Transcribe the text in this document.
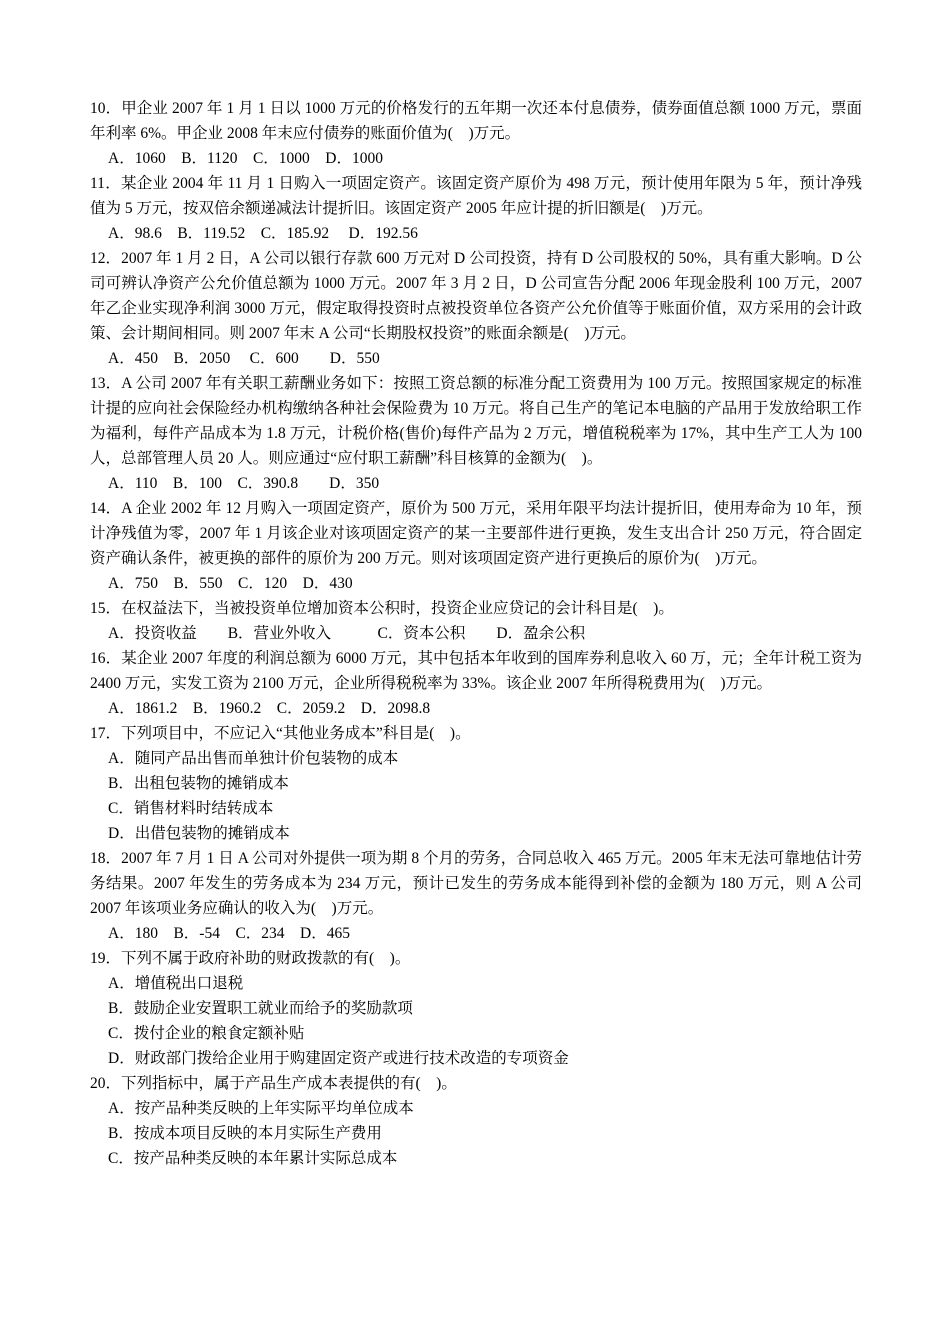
10．甲企业 2007 年 1 月 1 日以 1000 万元的价格发行的五年期一次还本付息债券，债券面值总额 1000 万元，票面年利率 6%。甲企业 2008 年末应付债券的账面价值为(　)万元。

A．1060　B．1120　C．1000　D．1000

11．某企业 2004 年 11 月 1 日购入一项固定资产。该固定资产原价为 498 万元，预计使用年限为 5 年，预计净残值为 5 万元，按双倍余额递减法计提折旧。该固定资产 2005 年应计提的折旧额是(　)万元。

A．98.6　B．119.52　C．185.92　 D．192.56

12．2007 年 1 月 2 日，A 公司以银行存款 600 万元对 D 公司投资，持有 D 公司股权的 50%，具有重大影响。D 公司可辨认净资产公允价值总额为 1000 万元。2007 年 3 月 2 日，D 公司宣告分配 2006 年现金股利 100 万元，2007 年乙企业实现净利润 3000 万元，假定取得投资时点被投资单位各资产公允价值等于账面价值，双方采用的会计政策、会计期间相同。则 2007 年末 A 公司“长期股权投资”的账面余额是(　)万元。

A．450　B．2050　 C．600　　D．550

13．A 公司 2007 年有关职工薪酬业务如下：按照工资总额的标准分配工资费用为 100 万元。按照国家规定的标准计提的应向社会保险经办机构缴纳各种社会保险费为 10 万元。将自己生产的笔记本电脑的产品用于发放给职工作为福利，每件产品成本为 1.8 万元，计税价格(售价)每件产品为 2 万元，增值税税率为 17%，其中生产工人为 100 人，总部管理人员 20 人。则应通过“应付职工薪酬”科目核算的金额为(　)。

A．110　B．100　C．390.8　　D．350

14．A 企业 2002 年 12 月购入一项固定资产，原价为 500 万元，采用年限平均法计提折旧，使用寿命为 10 年，预计净残值为零，2007 年 1 月该企业对该项固定资产的某一主要部件进行更换，发生支出合计 250 万元，符合固定资产确认条件，被更换的部件的原价为 200 万元。则对该项固定资产进行更换后的原价为(　)万元。

A．750　B．550　C．120　D．430

15．在权益法下，当被投资单位增加资本公积时，投资企业应贷记的会计科目是(　)。

A．投资收益　　B．营业外收入　　　C．资本公积　　D．盈余公积

16．某企业 2007 年度的利润总额为 6000 万元，其中包括本年收到的国库券利息收入 60 万，元；全年计税工资为 2400 万元，实发工资为 2100 万元，企业所得税税率为 33%。该企业 2007 年所得税费用为(　)万元。

A．1861.2　B．1960.2　C．2059.2　D．2098.8

17．下列项目中，不应记入“其他业务成本”科目是(　)。

A．随同产品出售而单独计价包装物的成本

B．出租包装物的摊销成本

C．销售材料时结转成本

D．出借包装物的摊销成本

18．2007 年 7 月 1 日 A 公司对外提供一项为期 8 个月的劳务，合同总收入 465 万元。2005 年末无法可靠地估计劳务结果。2007 年发生的劳务成本为 234 万元，预计已发生的劳务成本能得到补偿的金额为 180 万元，则 A 公司 2007 年该项业务应确认的收入为(　)万元。

A．180　B．-54　C．234　D．465

19．下列不属于政府补助的财政拨款的有(　)。

A．增值税出口退税

B．鼓励企业安置职工就业而给予的奖励款项

C．拨付企业的粮食定额补贴

D．财政部门拨给企业用于购建固定资产或进行技术改造的专项资金

20．下列指标中，属于产品生产成本表提供的有(　)。

A．按产品种类反映的上年实际平均单位成本

B．按成本项目反映的本月实际生产费用

C．按产品种类反映的本年累计实际总成本
